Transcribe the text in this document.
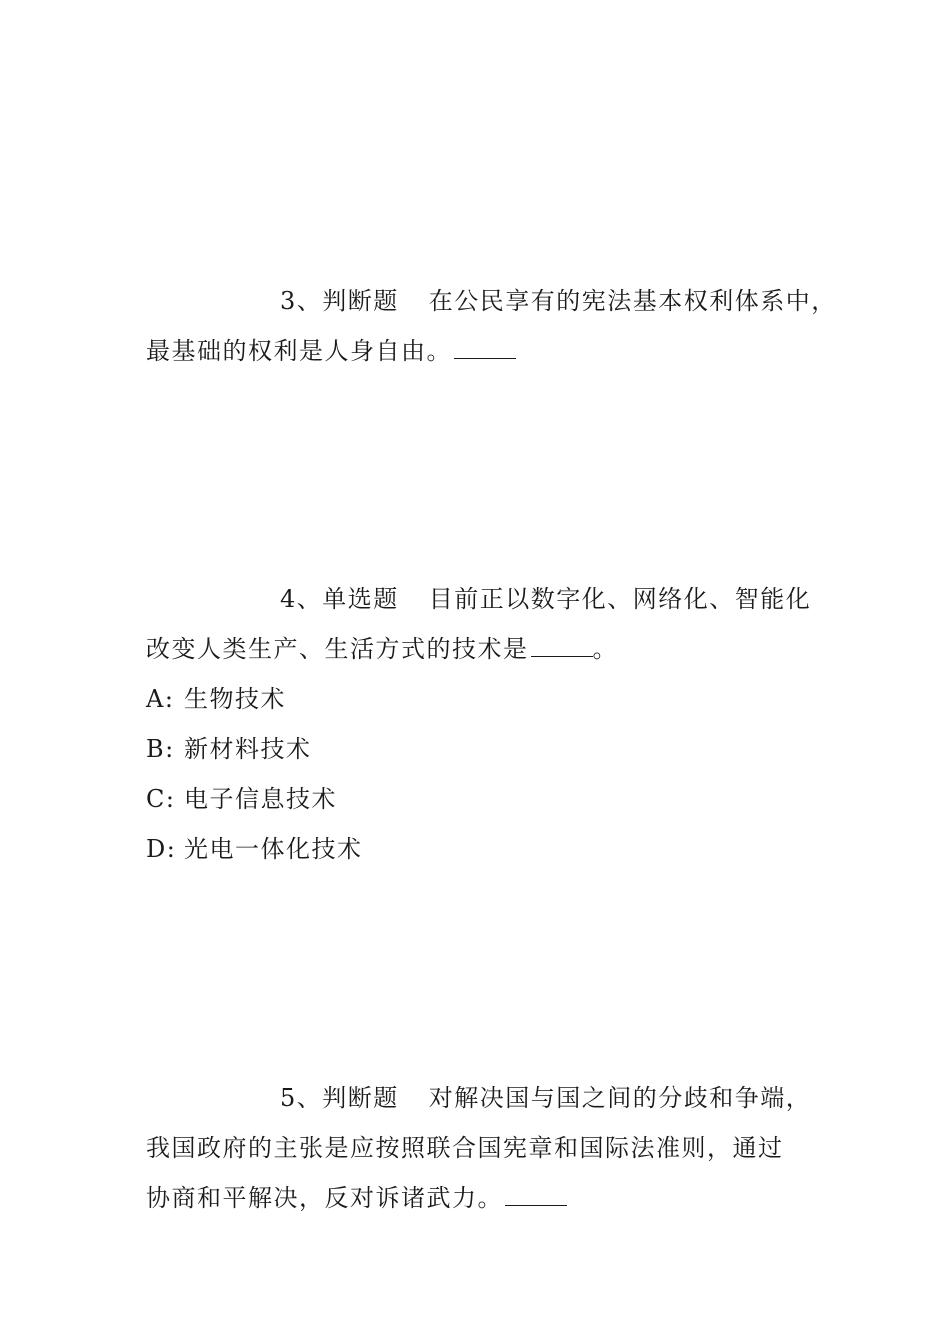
3、判断题 在公民享有的宪法基本权利体系中，
最基础的权利是人身自由。
4、单选题 目前正以数字化、网络化、智能化
改变人类生产、生活方式的技术是	。
A: 生物技术
B: 新材料技术
C: 电子信息技术
D: 光电一体化技术
5、判断题 对解决国与国之间的分歧和争端，
我国政府的主张是应按照联合国宪章和国际法准则，通过
协商和平解决，反对诉诸武力。
